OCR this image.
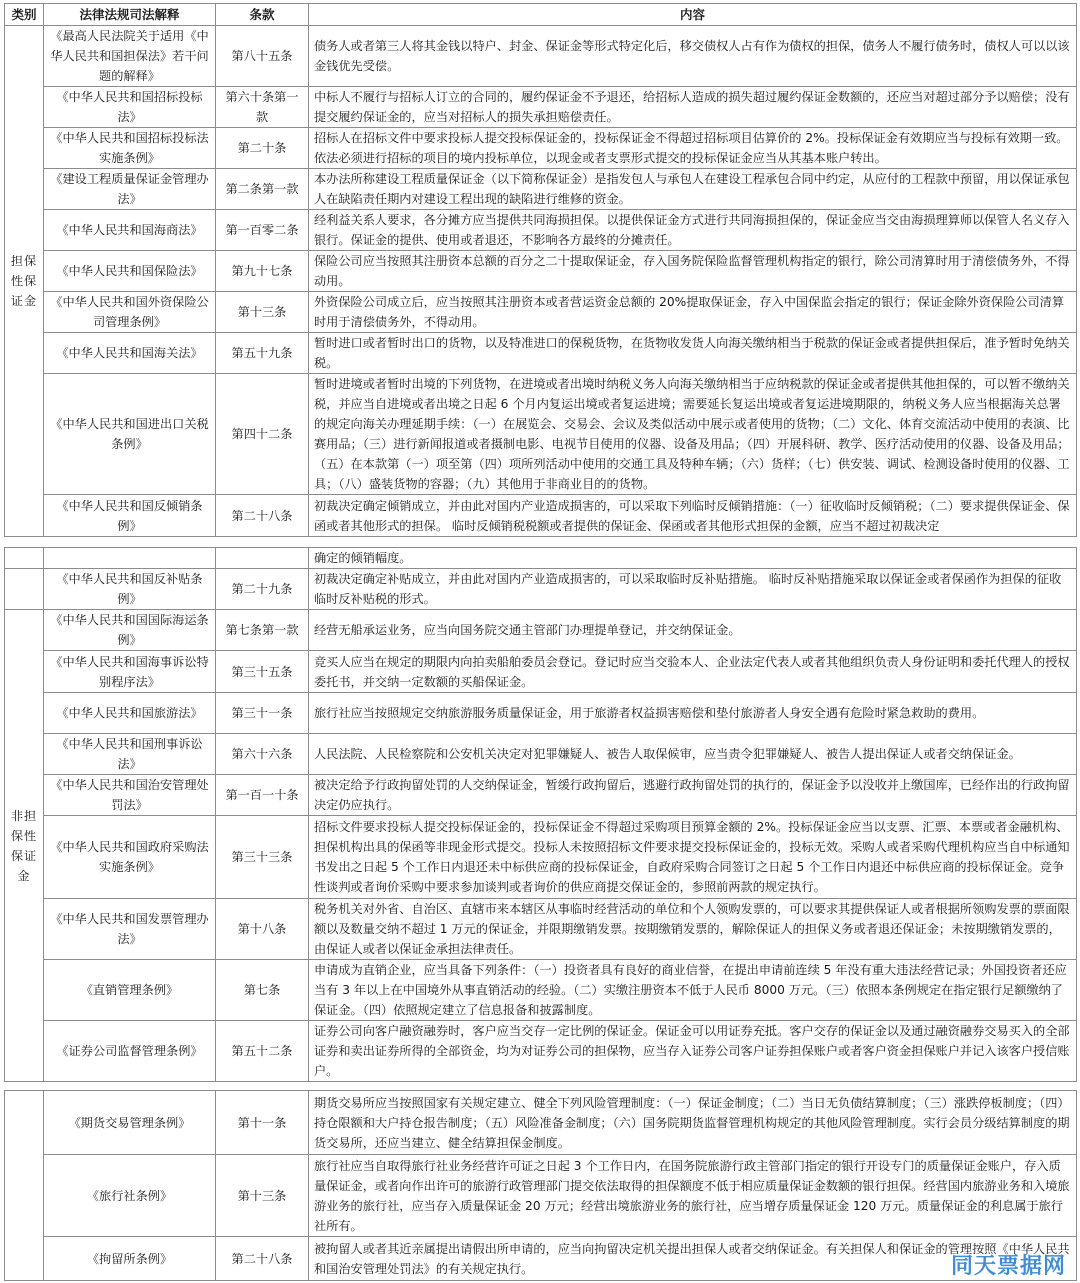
类别	法律法规司法解释	条款	内容
担保性保证金	《最高人民法院关于适用《中华人民共和国担保法》若干问题的解释》	第八十五条	债务人或者第三人将其金钱以特户、封金、保证金等形式特定化后，移交债权人占有作为债权的担保，债务人不履行债务时，债权人可以以该金钱优先受偿。
	《中华人民共和国招标投标法》	第六十条第一款	中标人不履行与招标人订立的合同的，履约保证金不予退还，给招标人造成的损失超过履约保证金数额的，还应当对超过部分予以赔偿；没有提交履约保证金的，应当对招标人的损失承担赔偿责任。
	《中华人民共和国招标投标法实施条例》	第二十条	招标人在招标文件中要求投标人提交投标保证金的，投标保证金不得超过招标项目估算价的 2%。投标保证金有效期应当与投标有效期一致。依法必须进行招标的项目的境内投标单位，以现金或者支票形式提交的投标保证金应当从其基本账户转出。
	《建设工程质量保证金管理办法》	第二条第一款	本办法所称建设工程质量保证金（以下简称保证金）是指发包人与承包人在建设工程承包合同中约定，从应付的工程款中预留，用以保证承包人在缺陷责任期内对建设工程出现的缺陷进行维修的资金。
	《中华人民共和国海商法》	第一百零二条	经利益关系人要求，各分摊方应当提供共同海损担保。以提供保证金方式进行共同海损担保的，保证金应当交由海损理算师以保管人名义存入银行。保证金的提供、使用或者退还，不影响各方最终的分摊责任。
	《中华人民共和国保险法》	第九十七条	保险公司应当按照其注册资本总额的百分之二十提取保证金，存入国务院保险监督管理机构指定的银行，除公司清算时用于清偿债务外，不得动用。
	《中华人民共和国外资保险公司管理条例》	第十三条	外资保险公司成立后，应当按照其注册资本或者营运资金总额的 20%提取保证金，存入中国保监会指定的银行；保证金除外资保险公司清算时用于清偿债务外，不得动用。
	《中华人民共和国海关法》	第五十九条	暂时进口或者暂时出口的货物，以及特准进口的保税货物，在货物收发货人向海关缴纳相当于税款的保证金或者提供担保后，准予暂时免纳关税。
	《中华人民共和国进出口关税条例》	第四十二条	暂时进境或者暂时出境的下列货物，在进境或者出境时纳税义务人向海关缴纳相当于应纳税款的保证金或者提供其他担保的，可以暂不缴纳关税，并应当自进境或者出境之日起 6 个月内复运出境或者复运进境；需要延长复运出境或者复运进境期限的，纳税义务人应当根据海关总署的规定向海关办理延期手续：（一）在展览会、交易会、会议及类似活动中展示或者使用的货物；（二）文化、体育交流活动中使用的表演、比赛用品；（三）进行新闻报道或者摄制电影、电视节目使用的仪器、设备及用品；（四）开展科研、教学、医疗活动使用的仪器、设备及用品；（五）在本款第（一）项至第（四）项所列活动中使用的交通工具及特种车辆；（六）货样；（七）供安装、调试、检测设备时使用的仪器、工具；（八）盛装货物的容器；（九）其他用于非商业目的的货物。
	《中华人民共和国反倾销条例》	第二十八条	初裁决定确定倾销成立，并由此对国内产业造成损害的，可以采取下列临时反倾销措施：（一）征收临时反倾销税；（二）要求提供保证金、保函或者其他形式的担保。 临时反倾销税税额或者提供的保证金、保函或者其他形式担保的金额，应当不超过初裁决定
			确定的倾销幅度。
	《中华人民共和国反补贴条例》	第二十九条	初裁决定确定补贴成立，并由此对国内产业造成损害的，可以采取临时反补贴措施。 临时反补贴措施采取以保证金或者保函作为担保的征收临时反补贴税的形式。
非担保性保证金	《中华人民共和国国际海运条例》	第七条第一款	经营无船承运业务，应当向国务院交通主管部门办理提单登记，并交纳保证金。
	《中华人民共和国海事诉讼特别程序法》	第三十五条	竞买人应当在规定的期限内向拍卖船舶委员会登记。登记时应当交验本人、企业法定代表人或者其他组织负责人身份证明和委托代理人的授权委托书，并交纳一定数额的买船保证金。
	《中华人民共和国旅游法》	第三十一条	旅行社应当按照规定交纳旅游服务质量保证金，用于旅游者权益损害赔偿和垫付旅游者人身安全遇有危险时紧急救助的费用。
	《中华人民共和国刑事诉讼法》	第六十六条	人民法院、人民检察院和公安机关决定对犯罪嫌疑人、被告人取保候审，应当责令犯罪嫌疑人、被告人提出保证人或者交纳保证金。
	《中华人民共和国治安管理处罚法》	第一百一十条	被决定给予行政拘留处罚的人交纳保证金，暂缓行政拘留后，逃避行政拘留处罚的执行的，保证金予以没收并上缴国库，已经作出的行政拘留决定仍应执行。
	《中华人民共和国政府采购法实施条例》	第三十三条	招标文件要求投标人提交投标保证金的，投标保证金不得超过采购项目预算金额的 2%。投标保证金应当以支票、汇票、本票或者金融机构、担保机构出具的保函等非现金形式提交。投标人未按照招标文件要求提交投标保证金的，投标无效。采购人或者采购代理机构应当自中标通知书发出之日起 5 个工作日内退还未中标供应商的投标保证金，自政府采购合同签订之日起 5 个工作日内退还中标供应商的投标保证金。竞争性谈判或者询价采购中要求参加谈判或者询价的供应商提交保证金的，参照前两款的规定执行。
	《中华人民共和国发票管理办法》	第十八条	税务机关对外省、自治区、直辖市来本辖区从事临时经营活动的单位和个人领购发票的，可以要求其提供保证人或者根据所领购发票的票面限额以及数量交纳不超过 1 万元的保证金，并限期缴销发票。按期缴销发票的，解除保证人的担保义务或者退还保证金；未按期缴销发票的，由保证人或者以保证金承担法律责任。
	《直销管理条例》	第七条	申请成为直销企业，应当具备下列条件：（一）投资者具有良好的商业信誉，在提出申请前连续 5 年没有重大违法经营记录；外国投资者还应当有 3 年以上在中国境外从事直销活动的经验。（二）实缴注册资本不低于人民币 8000 万元。（三）依照本条例规定在指定银行足额缴纳了保证金。（四）依照规定建立了信息报备和披露制度。
	《证券公司监督管理条例》	第五十二条	证券公司向客户融资融券时，客户应当交存一定比例的保证金。保证金可以用证券充抵。客户交存的保证金以及通过融资融券交易买入的全部证券和卖出证券所得的全部资金，均为对证券公司的担保物，应当存入证券公司客户证券担保账户或者客户资金担保账户并记入该客户授信账户。
	《期货交易管理条例》	第十一条	期货交易所应当按照国家有关规定建立、健全下列风险管理制度：（一）保证金制度；（二）当日无负债结算制度；（三）涨跌停板制度；（四）持仓限额和大户持仓报告制度；（五）风险准备金制度；（六）国务院期货监督管理机构规定的其他风险管理制度。实行会员分级结算制度的期货交易所，还应当建立、健全结算担保金制度。
	《旅行社条例》	第十三条	旅行社应当自取得旅行社业务经营许可证之日起 3 个工作日内，在国务院旅游行政主管部门指定的银行开设专门的质量保证金账户，存入质量保证金，或者向作出许可的旅游行政管理部门提交依法取得的担保额度不低于相应质量保证金数额的银行担保。经营国内旅游业务和入境旅游业务的旅行社，应当存入质量保证金 20 万元；经营出境旅游业务的旅行社，应当增存质量保证金 120 万元。质量保证金的利息属于旅行社所有。
	《拘留所条例》	第二十八条	被拘留人或者其近亲属提出请假出所申请的，应当向拘留决定机关提出担保人或者交纳保证金。有关担保人和保证金的管理按照《中华人民共和国治安管理处罚法》的有关规定执行。	同天票据网
